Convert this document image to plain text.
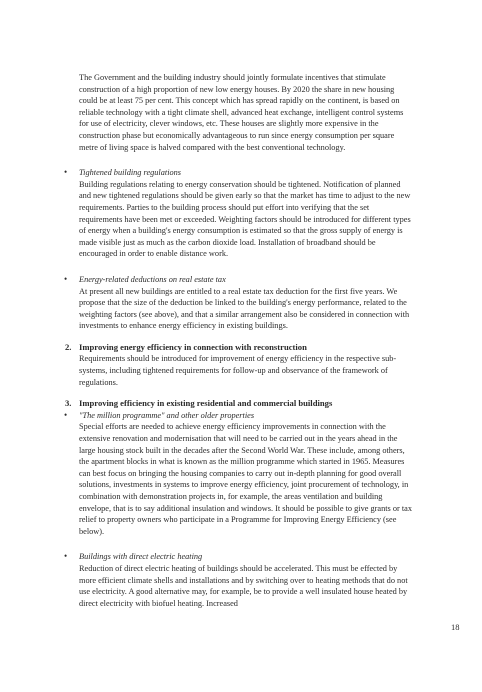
The Government and the building industry should jointly formulate incentives that stimulate construction of a high proportion of new low energy houses. By 2020 the share in new housing could be at least 75 per cent. This concept which has spread rapidly on the continent, is based on reliable technology with a tight climate shell, advanced heat exchange, intelligent control systems for use of electricity, clever windows, etc. These houses are slightly more expensive in the construction phase but economically advantageous to run since energy consumption per square metre of living space is halved compared with the best conventional technology.

• Tightened building regulations

Building regulations relating to energy conservation should be tightened. Notification of planned and new tightened regulations should be given early so that the market has time to adjust to the new requirements. Parties to the building process should put effort into verifying that the set requirements have been met or exceeded. Weighting factors should be introduced for different types of energy when a building's energy consumption is estimated so that the gross supply of energy is made visible just as much as the carbon dioxide load. Installation of broadband should be encouraged in order to enable distance work.

• Energy-related deductions on real estate tax

At present all new buildings are entitled to a real estate tax deduction for the first five years. We propose that the size of the deduction be linked to the building's energy performance, related to the weighting factors (see above), and that a similar arrangement also be considered in connection with investments to enhance energy efficiency in existing buildings.

2. Improving energy efficiency in connection with reconstruction

Requirements should be introduced for improvement of energy efficiency in the respective sub-systems, including tightened requirements for follow-up and observance of the framework of regulations.

3. Improving efficiency in existing residential and commercial buildings

• "The million programme" and other older properties

Special efforts are needed to achieve energy efficiency improvements in connection with the extensive renovation and modernisation that will need to be carried out in the years ahead in the large housing stock built in the decades after the Second World War. These include, among others, the apartment blocks in what is known as the million programme which started in 1965. Measures can best focus on bringing the housing companies to carry out in-depth planning for good overall solutions, investments in systems to improve energy efficiency, joint procurement of technology, in combination with demonstration projects in, for example, the areas ventilation and building envelope, that is to say additional insulation and windows. It should be possible to give grants or tax relief to property owners who participate in a Programme for Improving Energy Efficiency (see below).

• Buildings with direct electric heating

Reduction of direct electric heating of buildings should be accelerated. This must be effected by more efficient climate shells and installations and by switching over to heating methods that do not use electricity. A good alternative may, for example, be to provide a well insulated house heated by direct electricity with biofuel heating. Increased

18
